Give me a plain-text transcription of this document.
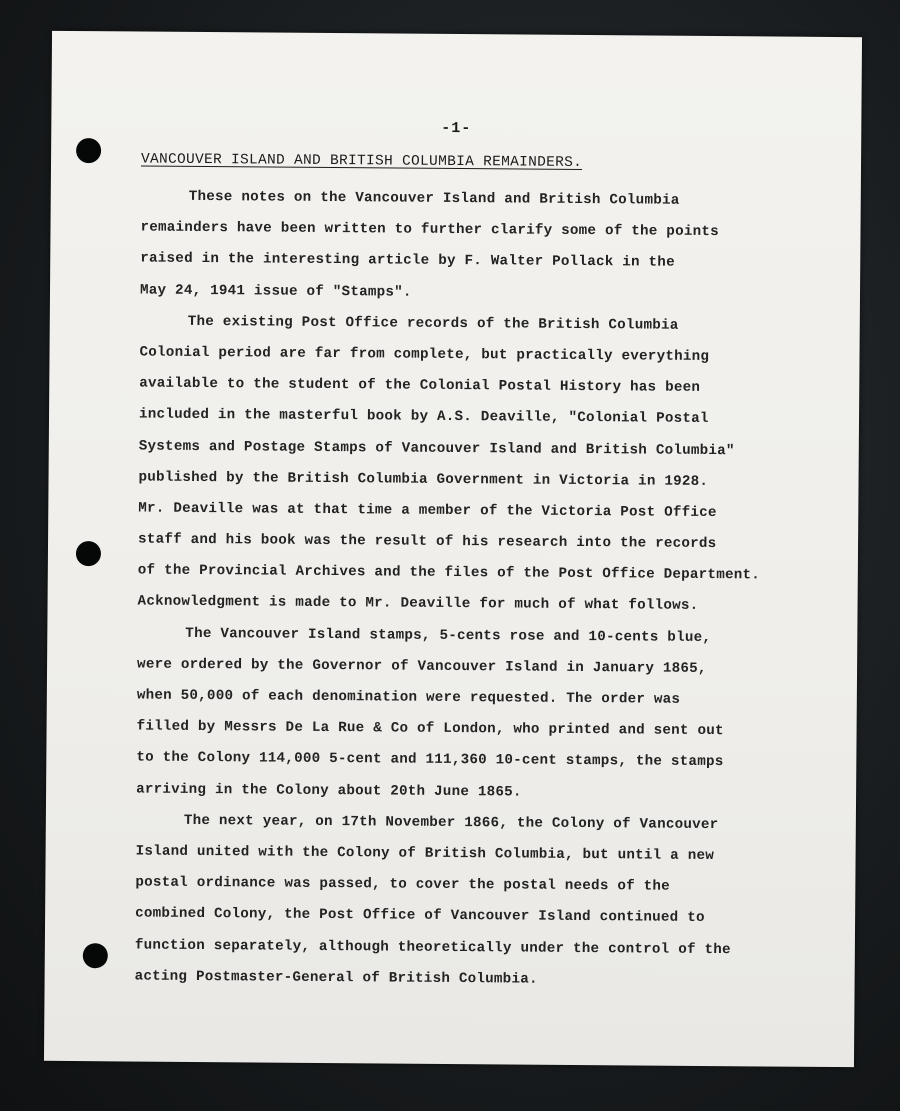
-1-
VANCOUVER ISLAND AND BRITISH COLUMBIA REMAINDERS.
These notes on the Vancouver Island and British Columbia
remainders have been written to further clarify some of the points
raised in the interesting article by F. Walter Pollack in the
May 24, 1941 issue of "Stamps".
The existing Post Office records of the British Columbia
Colonial period are far from complete, but practically everything
available to the student of the Colonial Postal History has been
included in the masterful book by A.S. Deaville, "Colonial Postal
Systems and Postage Stamps of Vancouver Island and British Columbia"
published by the British Columbia Government in Victoria in 1928.
Mr. Deaville was at that time a member of the Victoria Post Office
staff and his book was the result of his research into the records
of the Provincial Archives and the files of the Post Office Department.
Acknowledgment is made to Mr. Deaville for much of what follows.
The Vancouver Island stamps, 5-cents rose and 10-cents blue,
were ordered by the Governor of Vancouver Island in January 1865,
when 50,000 of each denomination were requested. The order was
filled by Messrs De La Rue & Co of London, who printed and sent out
to the Colony 114,000 5-cent and 111,360 10-cent stamps, the stamps
arriving in the Colony about 20th June 1865.
The next year, on 17th November 1866, the Colony of Vancouver
Island united with the Colony of British Columbia, but until a new
postal ordinance was passed, to cover the postal needs of the
combined Colony, the Post Office of Vancouver Island continued to
function separately, although theoretically under the control of the
acting Postmaster-General of British Columbia.
